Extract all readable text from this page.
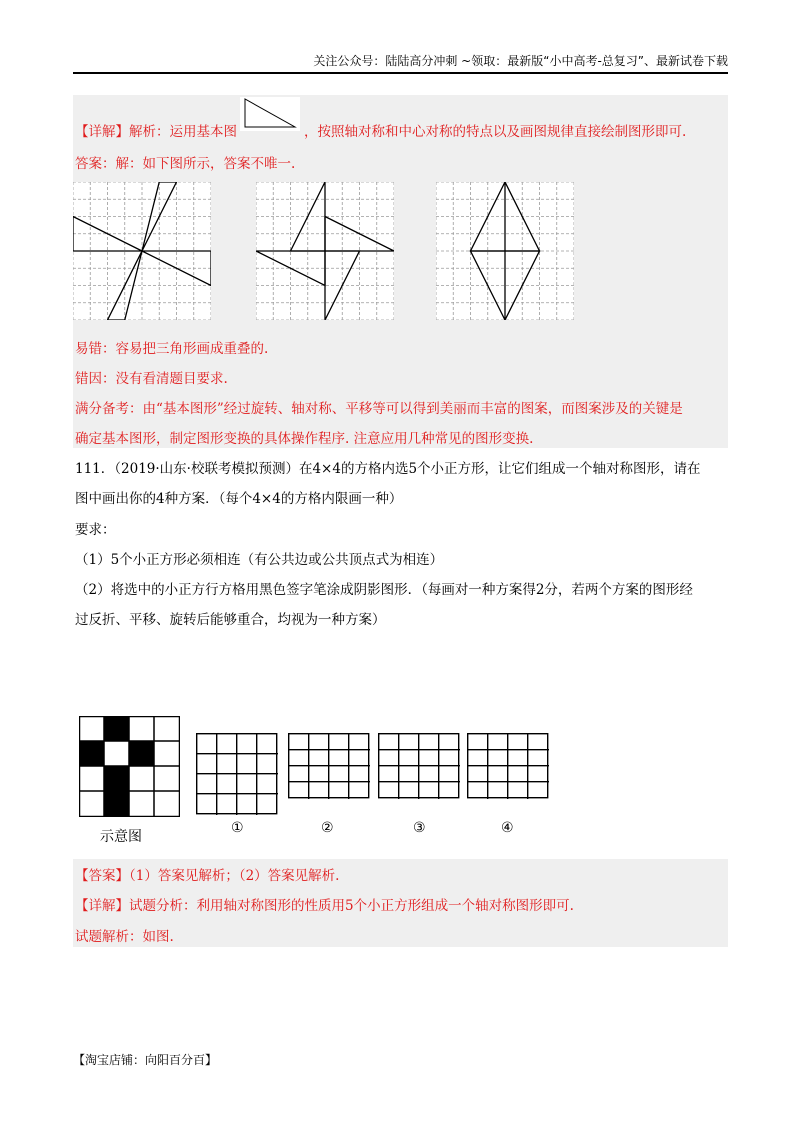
关注公众号：陆陆高分冲刺 ~领取：最新版“小中高考-总复习”、最新试卷下载
【详解】解析：运用基本图	，按照轴对称和中心对称的特点以及画图规律直接绘制图形即可.
答案：解：如下图所示，答案不唯一.
易错：容易把三角形画成重叠的.
错因：没有看清题目要求.
满分备考：由“基本图形”经过旋转、轴对称、平移等可以得到美丽而丰富的图案，而图案涉及的关键是
确定基本图形，制定图形变换的具体操作程序. 注意应用几种常见的图形变换.
111．（2019·山东·校联考模拟预测）在4×4的方格内选5个小正方形，让它们组成一个轴对称图形，请在
图中画出你的4种方案．（每个4×4的方格内限画一种）
要求：
（1）5个小正方形必须相连（有公共边或公共顶点式为相连）
（2）将选中的小正方行方格用黑色签字笔涂成阴影图形．（每画对一种方案得2分，若两个方案的图形经
过反折、平移、旋转后能够重合，均视为一种方案）
示意图
①	②	③	④
【答案】（1）答案见解析；（2）答案见解析.
【详解】试题分析：利用轴对称图形的性质用5个小正方形组成一个轴对称图形即可.
试题解析：如图.
【淘宝店铺：向阳百分百】
